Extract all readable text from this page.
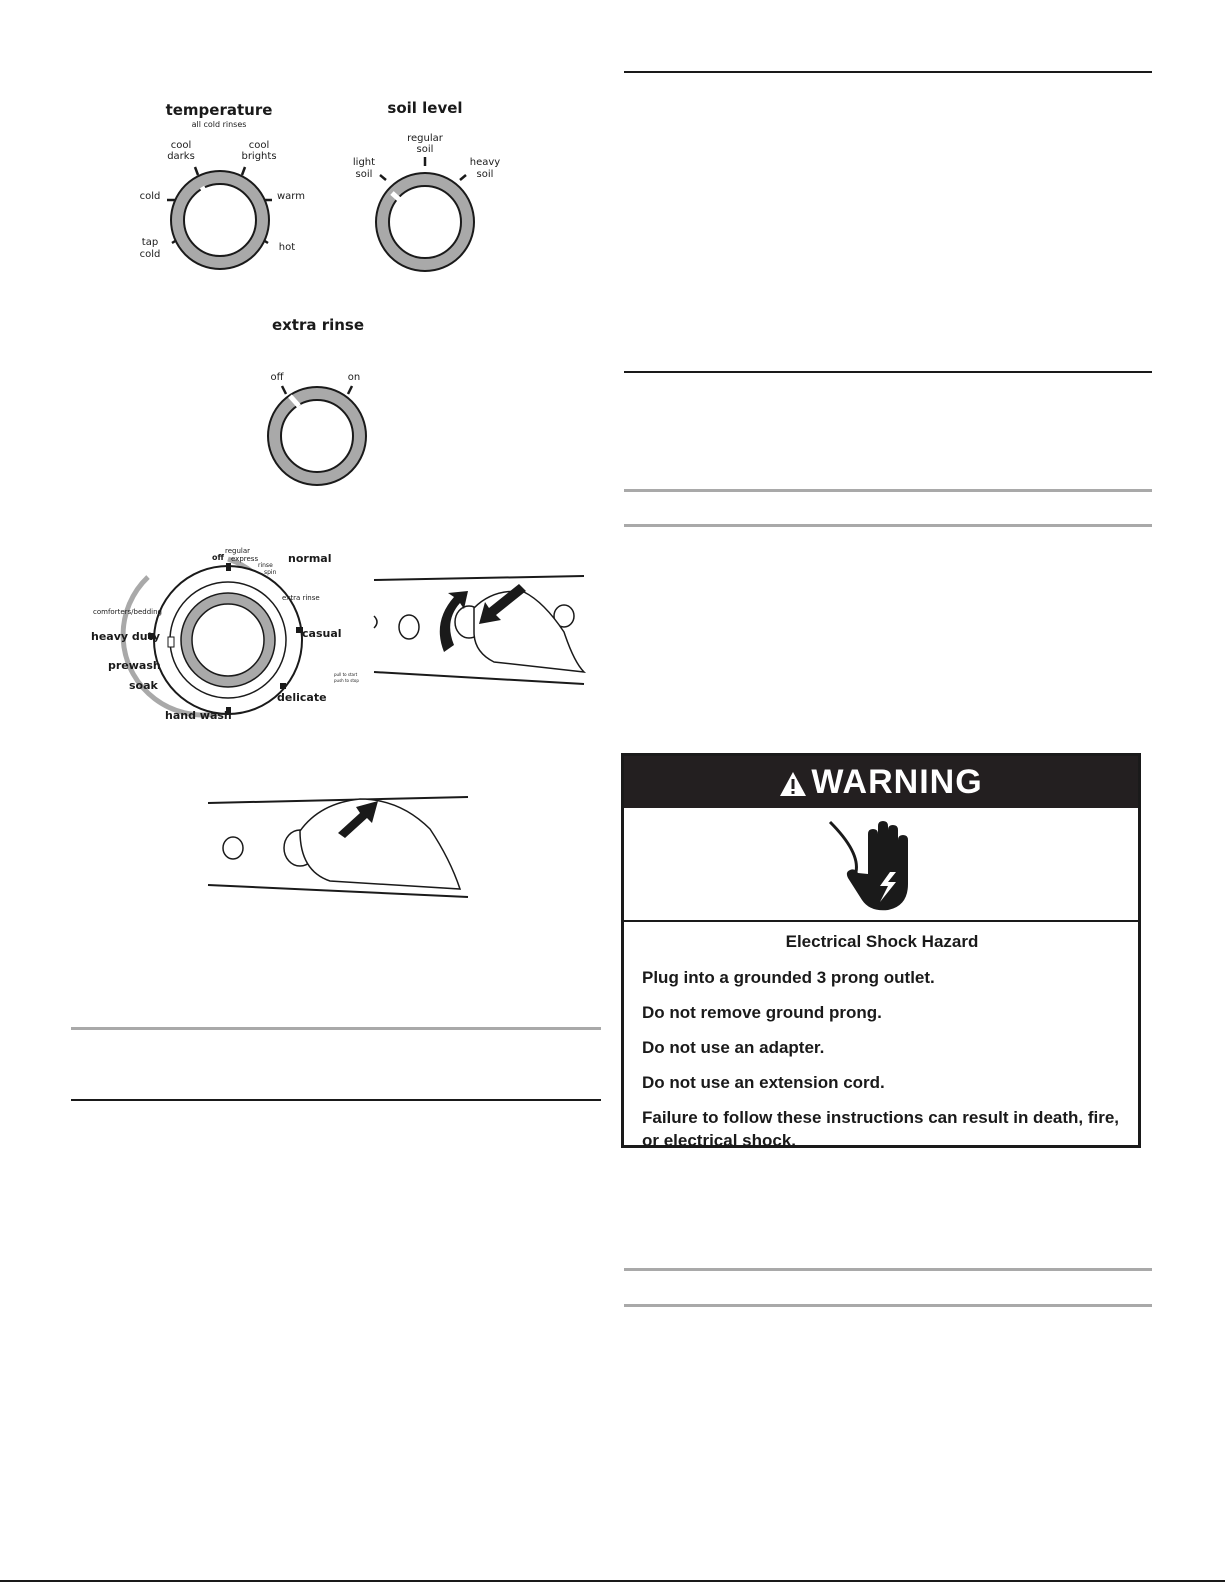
temperature
all cold rinses
cool
darks
cool
brights
cold	warm
tap
cold
hot
soil level
regular
soil
light
soil
heavy
soil
extra rinse
off	on
normal
casual
delicate
hand wash
soak
prewash
heavy duty
comforters/bedding
regular
express
extra rinse
off
spin
rinse
pull to start
push to stop
WARNING
Electrical Shock Hazard
Plug into a grounded 3 prong outlet.
Do not remove ground prong.
Do not use an adapter.
Do not use an extension cord.
Failure to follow these instructions can result in death, fire, or electrical shock.
